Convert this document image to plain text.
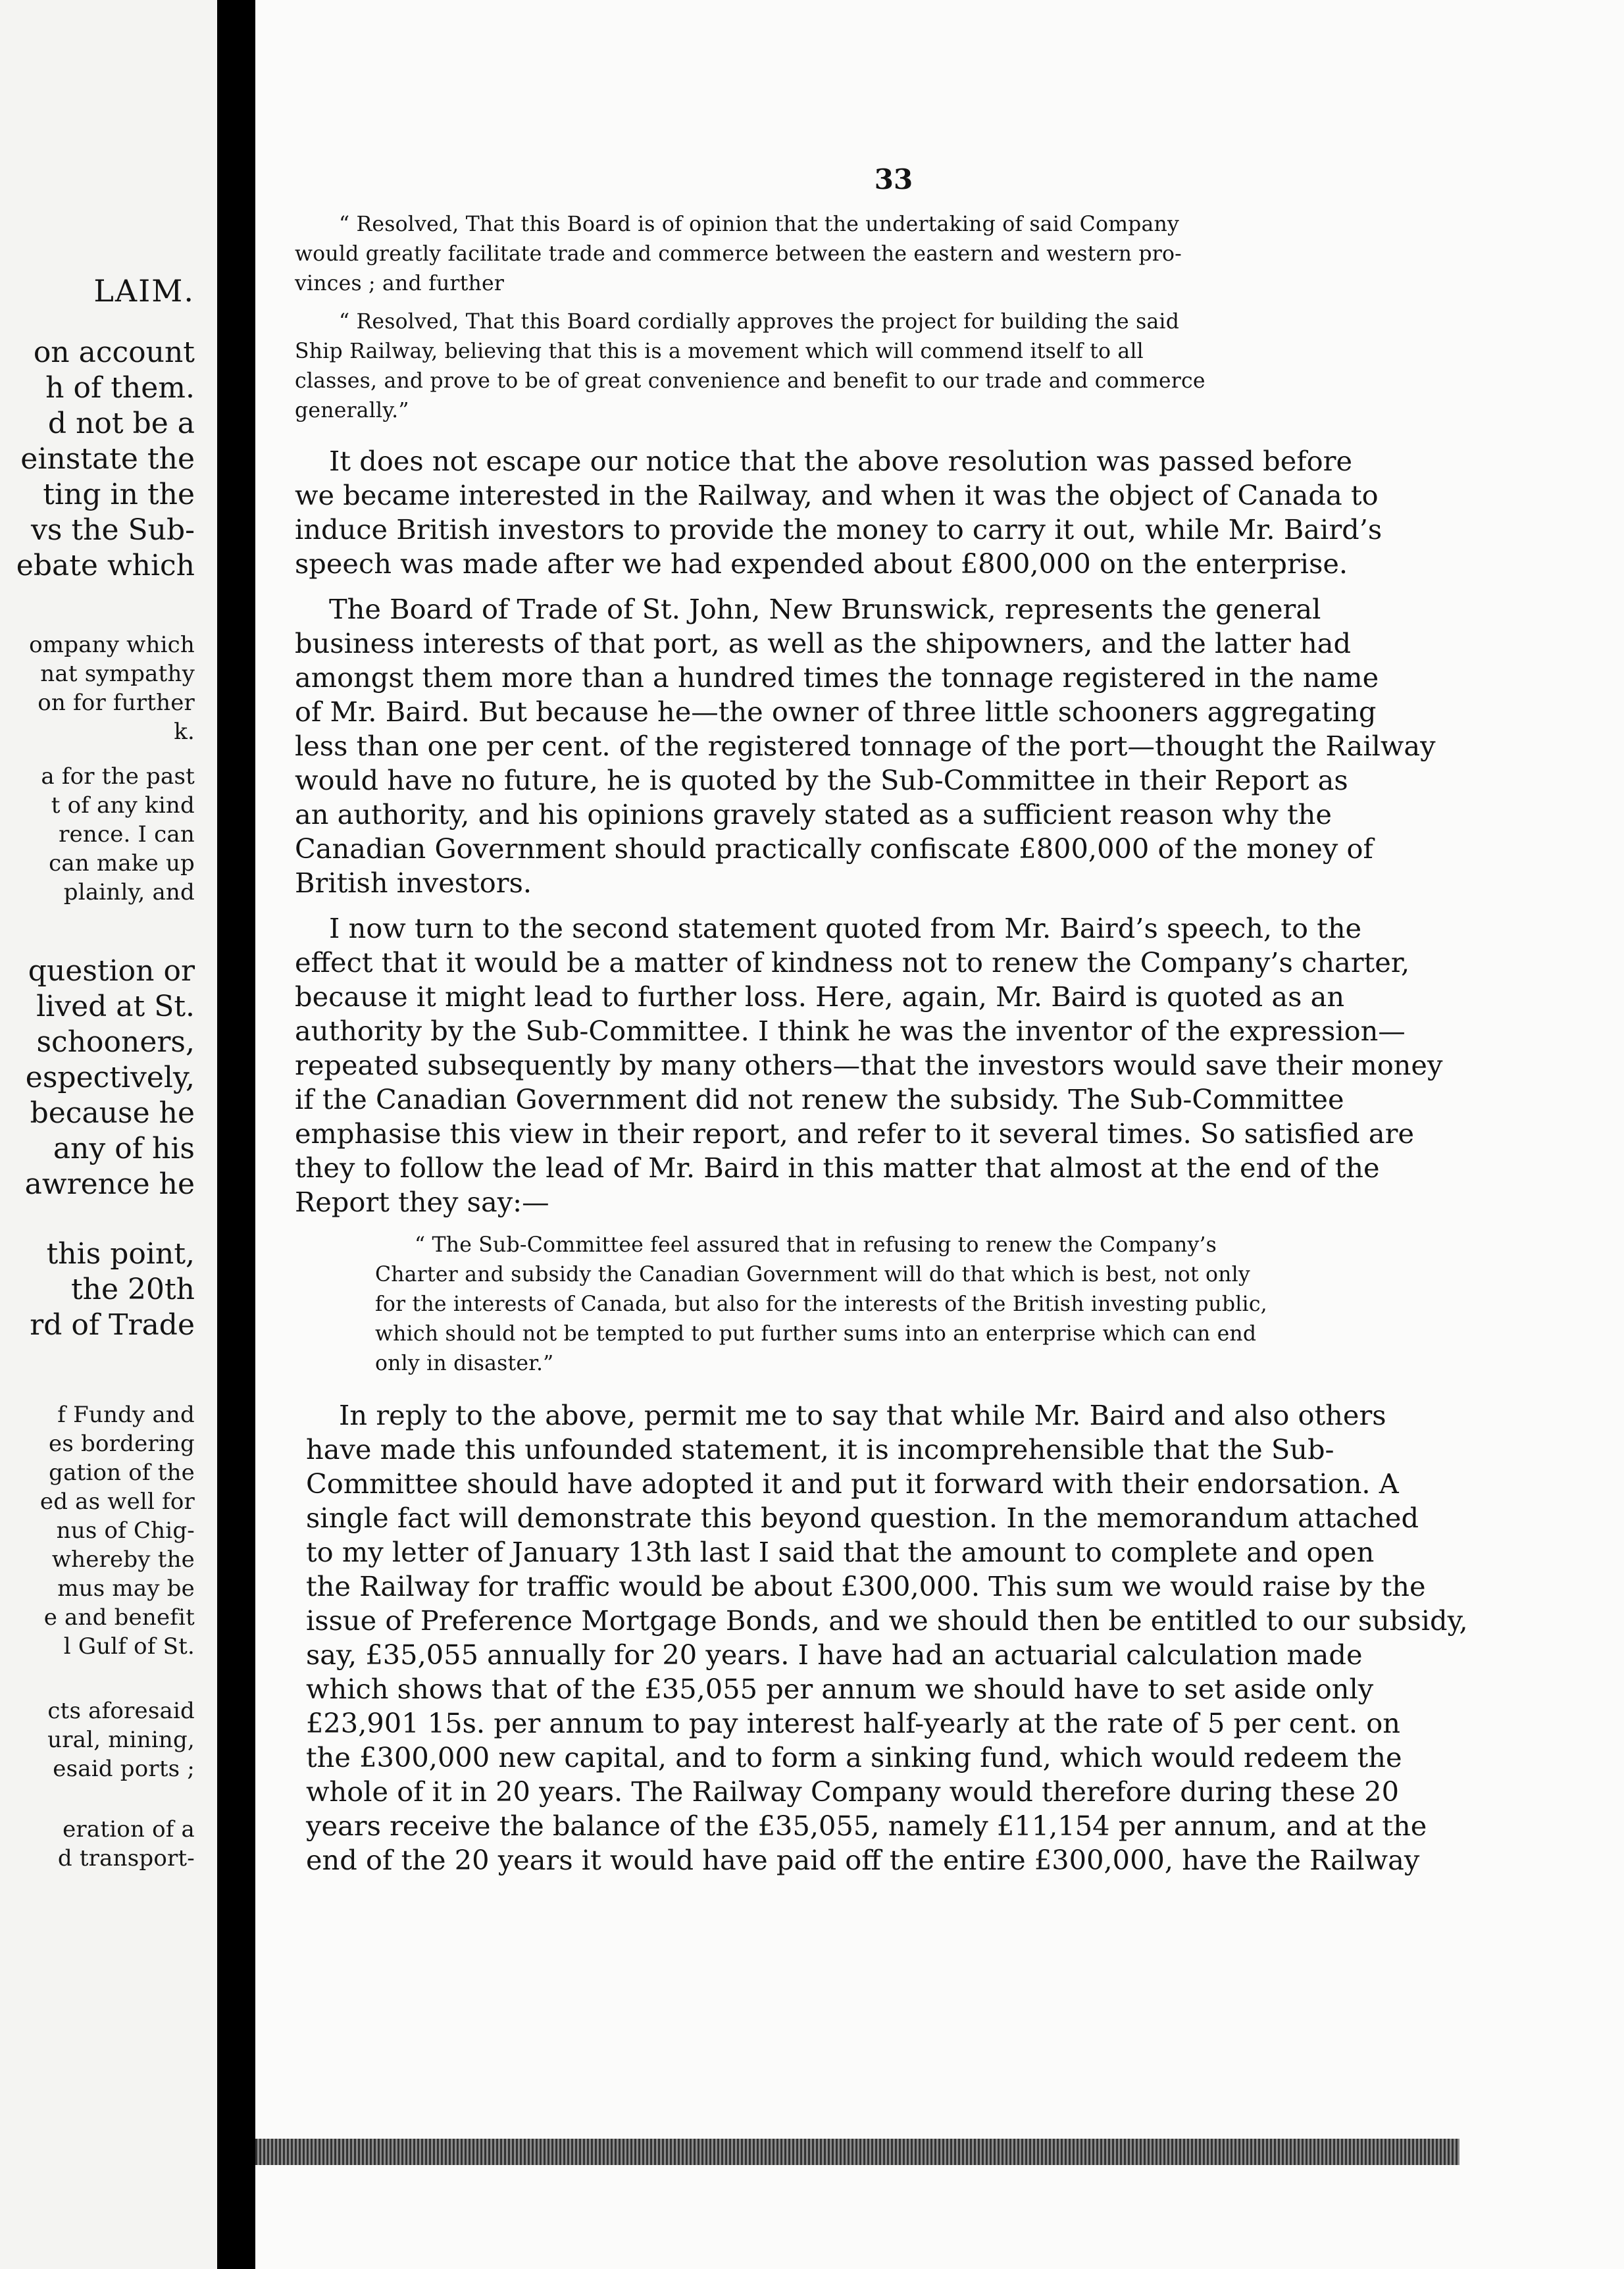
LAIM.
on account
h of them.
d not be a
einstate the
ting in the
vs the Sub-
ebate which
ompany which
nat sympathy
on for further
k.
a for the past
t of any kind
rence. I can
can make up
plainly, and
question or
lived at St.
schooners,
espectively,
because he
any of his
awrence he
this point,
the 20th
rd of Trade
f Fundy and
es bordering
gation of the
ed as well for
nus of Chig-
whereby the
mus may be
e and benefit
l Gulf of St.
cts aforesaid
ural, mining,
esaid ports ;
eration of a
d transport-
33
“ Resolved, That this Board is of opinion that the undertaking of said Company
would greatly facilitate trade and commerce between the eastern and western pro-
vinces ; and further
“ Resolved, That this Board cordially approves the project for building the said
Ship Railway, believing that this is a movement which will commend itself to all
classes, and prove to be of great convenience and benefit to our trade and commerce
generally.”
It does not escape our notice that the above resolution was passed before
we became interested in the Railway, and when it was the object of Canada to
induce British investors to provide the money to carry it out, while Mr. Baird’s
speech was made after we had expended about £800,000 on the enterprise.
The Board of Trade of St. John, New Brunswick, represents the general
business interests of that port, as well as the shipowners, and the latter had
amongst them more than a hundred times the tonnage registered in the name
of Mr. Baird. But because he—the owner of three little schooners aggregating
less than one per cent. of the registered tonnage of the port—thought the Railway
would have no future, he is quoted by the Sub-Committee in their Report as
an authority, and his opinions gravely stated as a sufficient reason why the
Canadian Government should practically confiscate £800,000 of the money of
British investors.
I now turn to the second statement quoted from Mr. Baird’s speech, to the
effect that it would be a matter of kindness not to renew the Company’s charter,
because it might lead to further loss. Here, again, Mr. Baird is quoted as an
authority by the Sub-Committee. I think he was the inventor of the expression—
repeated subsequently by many others—that the investors would save their money
if the Canadian Government did not renew the subsidy. The Sub-Committee
emphasise this view in their report, and refer to it several times. So satisfied are
they to follow the lead of Mr. Baird in this matter that almost at the end of the
Report they say:—
“ The Sub-Committee feel assured that in refusing to renew the Company’s
Charter and subsidy the Canadian Government will do that which is best, not only
for the interests of Canada, but also for the interests of the British investing public,
which should not be tempted to put further sums into an enterprise which can end
only in disaster.”
In reply to the above, permit me to say that while Mr. Baird and also others
have made this unfounded statement, it is incomprehensible that the Sub-
Committee should have adopted it and put it forward with their endorsation. A
single fact will demonstrate this beyond question. In the memorandum attached
to my letter of January 13th last I said that the amount to complete and open
the Railway for traffic would be about £300,000. This sum we would raise by the
issue of Preference Mortgage Bonds, and we should then be entitled to our subsidy,
say, £35,055 annually for 20 years. I have had an actuarial calculation made
which shows that of the £35,055 per annum we should have to set aside only
£23,901 15s. per annum to pay interest half-yearly at the rate of 5 per cent. on
the £300,000 new capital, and to form a sinking fund, which would redeem the
whole of it in 20 years. The Railway Company would therefore during these 20
years receive the balance of the £35,055, namely £11,154 per annum, and at the
end of the 20 years it would have paid off the entire £300,000, have the Railway
